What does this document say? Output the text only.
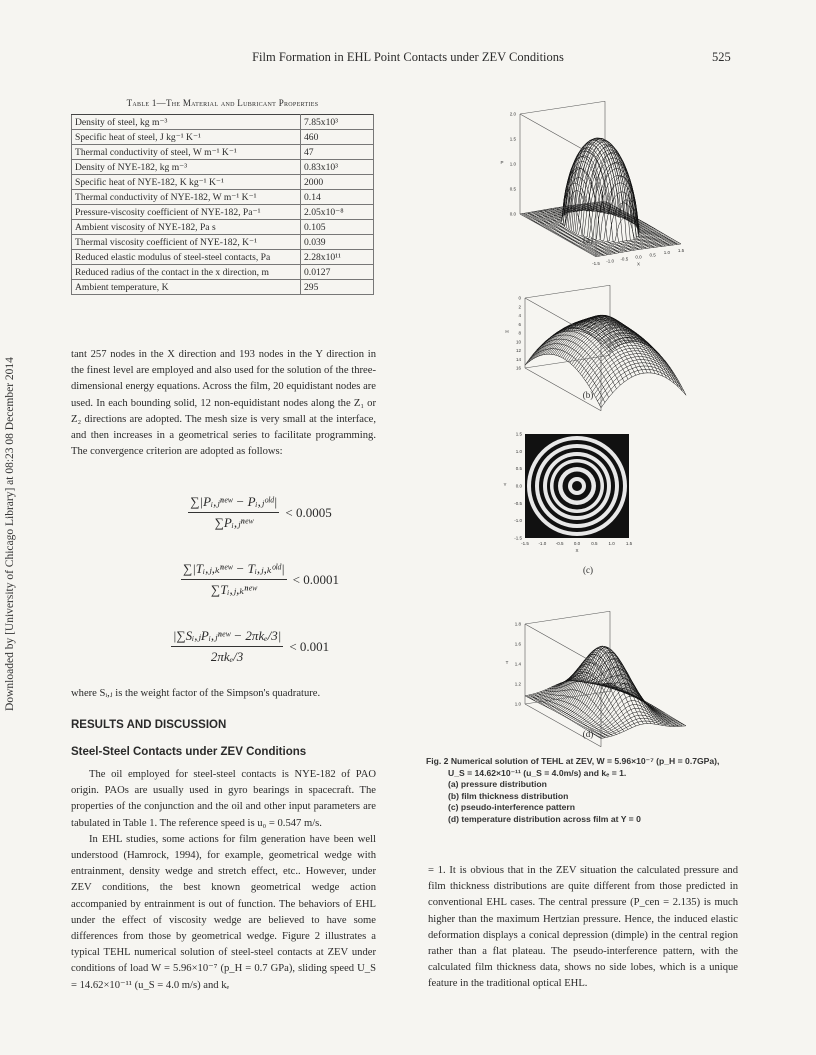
Film Formation in EHL Point Contacts under ZEV Conditions	525
Downloaded by [University of Chicago Library] at 08:23 08 December 2014
Table 1—The Material and Lubricant Properties
Density of steel, kg m⁻³	7.85x10³
Specific heat of steel, J kg⁻¹ K⁻¹	460
Thermal conductivity of steel, W m⁻¹ K⁻¹	47
Density of NYE-182, kg m⁻³	0.83x10³
Specific heat of NYE-182, K kg⁻¹ K⁻¹	2000
Thermal conductivity of NYE-182, W m⁻¹ K⁻¹	0.14
Pressure-viscosity coefficient of NYE-182, Pa⁻¹	2.05x10⁻⁸
Ambient viscosity of NYE-182, Pa s	0.105
Thermal viscosity coefficient of NYE-182, K⁻¹	0.039
Reduced elastic modulus of steel-steel contacts, Pa	2.28x10¹¹
Reduced radius of the contact in the x direction, m	0.0127
Ambient temperature, K	295

tant 257 nodes in the X direction and 193 nodes in the Y direction in the finest level are employed and also used for the solution of the three-dimensional energy equations. Across the film, 20 equidistant nodes are used. In each bounding solid, 12 non-equidistant nodes along the Z₁ or Z₂ directions are adopted. The mesh size is very small at the interface, and then increases in a geometrical series to facilitate programming. The convergence criterion are adopted as follows:

$\frac{\text{∑|Pᵢ,ⱼⁿᵉʷ − Pᵢ,ⱼᵒˡᵈ|}}{\text{∑Pᵢ,ⱼⁿᵉʷ}} < 0.0005$
$\frac{\text{∑|Tᵢ,ⱼ,ₖⁿᵉʷ − Tᵢ,ⱼ,ₖᵒˡᵈ|}}{\text{∑Tᵢ,ⱼ,ₖⁿᵉʷ}} < 0.0001$
$\frac{\text{|∑Sᵢ,ⱼPᵢ,ⱼⁿᵉʷ − 2πkₑ/3|}}{\text{2πkₑ/3}} < 0.001$

where Sᵢ,ⱼ is the weight factor of the Simpson's quadrature.

RESULTS AND DISCUSSION
Steel-Steel Contacts under ZEV Conditions

The oil employed for steel-steel contacts is NYE-182 of PAO origin. PAOs are usually used in gyro bearings in spacecraft. The properties of the conjunction and the oil and other input parameters are tabulated in Table 1. The reference speed is u₀ = 0.547 m/s.

In EHL studies, some actions for film generation have been well understood (Hamrock, 1994), for example, geometrical wedge with entrainment, density wedge and stretch effect, etc.. However, under ZEV conditions, the best known geometrical wedge action accompanied by entrainment is out of function. The behaviors of EHL under the effect of viscosity wedge are believed to have some differences from those by geometrical wedge. Figure 2 illustrates a typical TEHL numerical solution of steel-steel contacts at ZEV under conditions of load W = 5.96×10⁻⁷ (p_H = 0.7 GPa), sliding speed U_S = 14.62×10⁻¹¹ (u_S = 4.0 m/s) and kₑ

= 1. It is obvious that in the ZEV situation the calculated pressure and film thickness distributions are quite different from those predicted in conventional EHL cases. The central pressure (P_cen = 2.135) is much higher than the maximum Hertzian pressure. Hence, the induced elastic deformation displays a conical depression (dimple) in the central region rather than a flat plateau. The pseudo-interference pattern, with the calculated film thickness data, shows no side lobes, which is a unique feature in the traditional optical EHL.

2.0
1.5
1.0
0.5
0.0
P
-1.5 -1.0 -0.5 0.0 0.5 1.0 1.5
X
(a)
0
2
4
6
8
10
12
14
16
H
(b)
1.5
1.0
0.5
0.0
-0.5
-1.0
-1.5
-1.5 -1.0 -0.5 0.0 0.5 1.0 1.5
X
Y
(c)
1.8
1.6
1.4
1.2
1.0
T
(d)
Fig. 2 Numerical solution of TEHL at ZEV, W = 5.96×10⁻⁷ (p_H = 0.7GPa),
U_S = 14.62×10⁻¹¹ (u_S = 4.0m/s) and kₑ = 1.
(a) pressure distribution
(b) film thickness distribution
(c) pseudo-interference pattern
(d) temperature distribution across film at Y = 0
